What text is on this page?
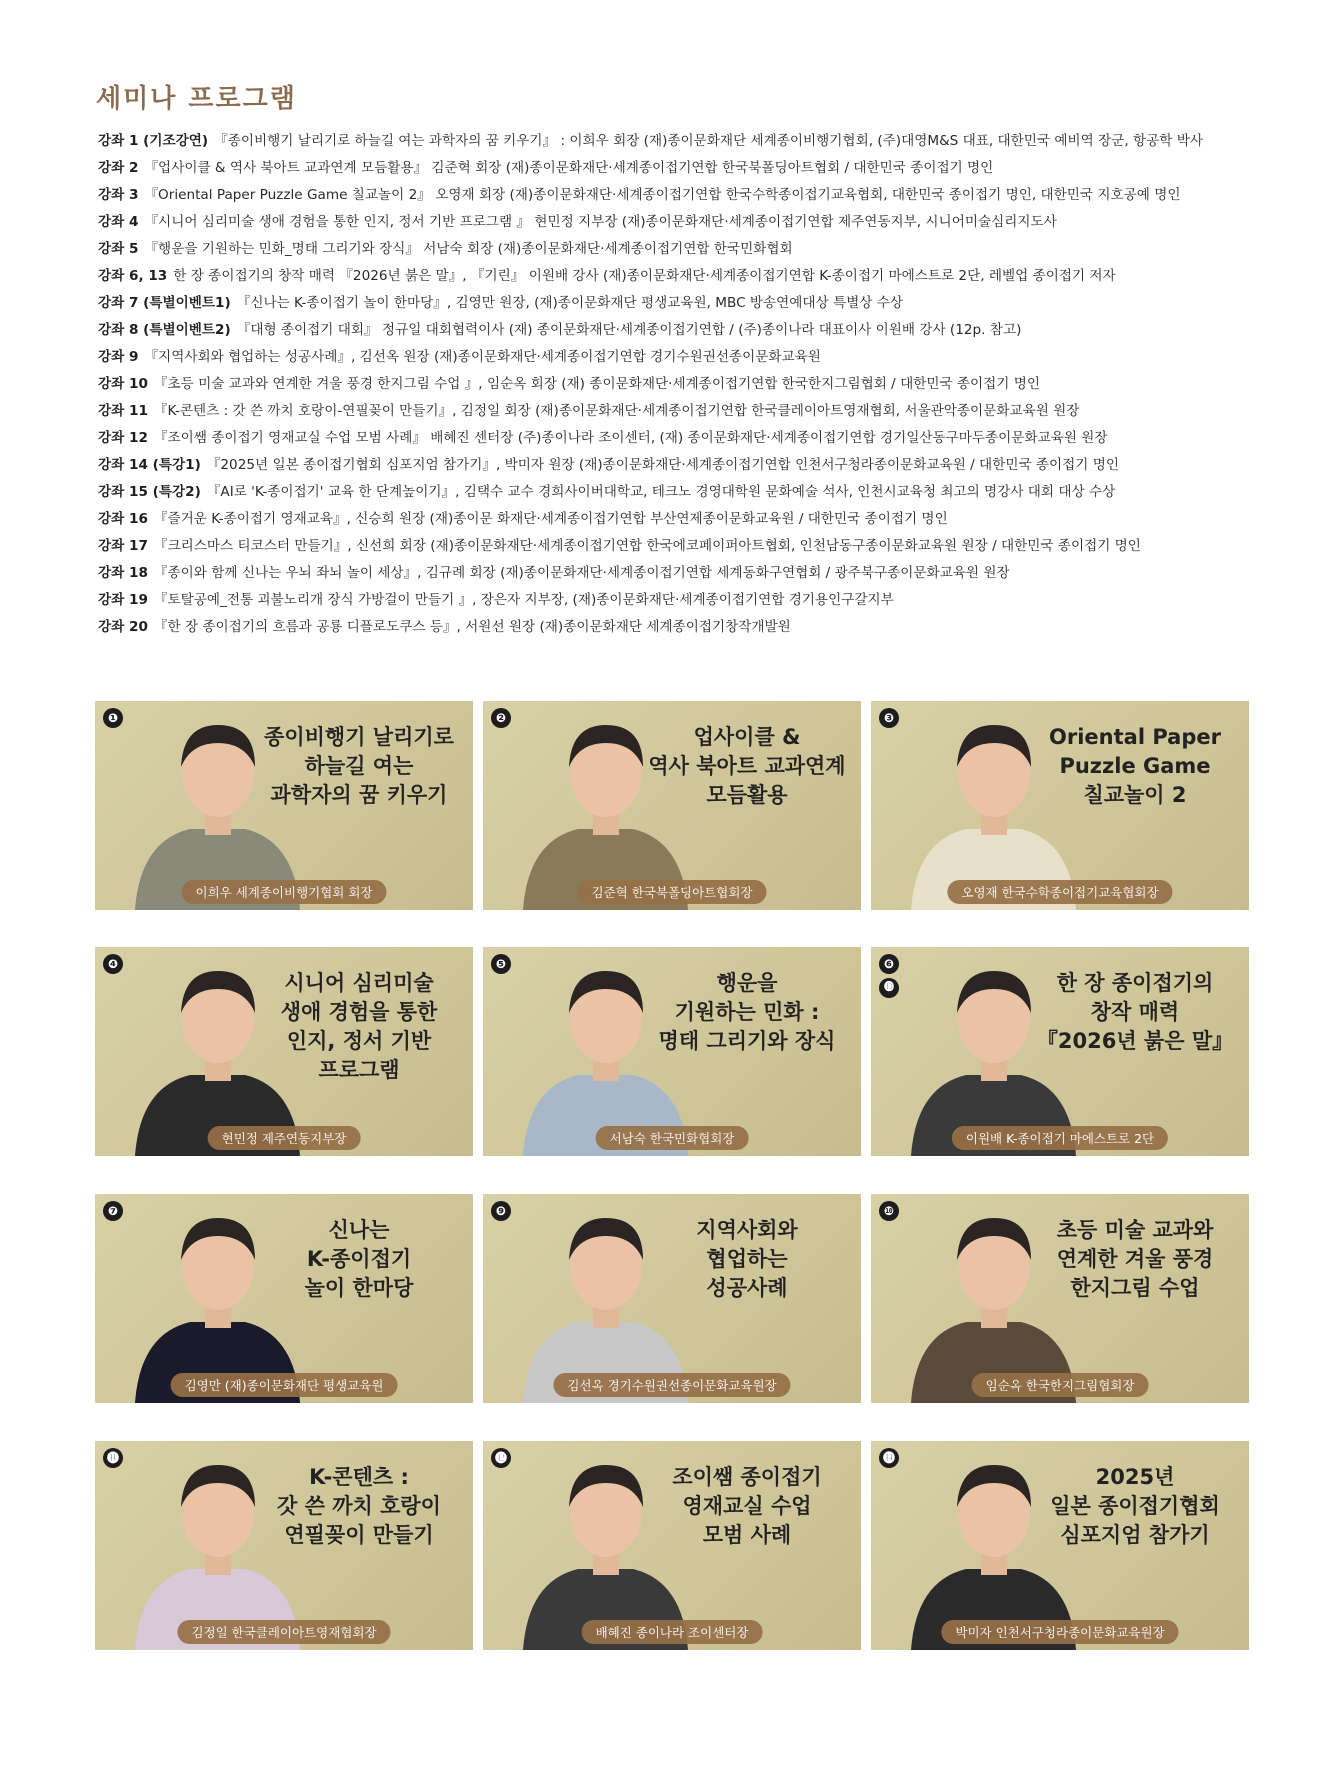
세미나 프로그램
강좌 1 (기조강연) 『종이비행기 날리기로 하늘길 여는 과학자의 꿈 키우기』 : 이희우 회장 (재)종이문화재단 세계종이비행기협회, (주)대영M&S 대표, 대한민국 예비역 장군, 항공학 박사
강좌 2 『업사이클 & 역사 북아트 교과연계 모듬활용』 김준혁 회장 (재)종이문화재단·세계종이접기연합 한국북폴딩아트협회 / 대한민국 종이접기 명인
강좌 3 『Oriental Paper Puzzle Game 칠교놀이 2』 오영재 회장 (재)종이문화재단·세계종이접기연합 한국수학종이접기교육협회, 대한민국 종이접기 명인, 대한민국 지호공예 명인
강좌 4 『시니어 심리미술 생애 경험을 통한 인지, 정서 기반 프로그램 』 현민정 지부장 (재)종이문화재단·세계종이접기연합 제주연동지부, 시니어미술심리지도사
강좌 5 『행운을 기원하는 민화_명태 그리기와 장식』 서남숙 회장 (재)종이문화재단·세계종이접기연합 한국민화협회
강좌 6, 13 한 장 종이접기의 창작 매력 『2026년 붉은 말』, 『기린』 이원배 강사 (재)종이문화재단·세계종이접기연합 K-종이접기 마에스트로 2단, 레벨업 종이접기 저자
강좌 7 (특별이벤트1) 『신나는 K-종이접기 놀이 한마당』, 김영만 원장, (재)종이문화재단 평생교육원, MBC 방송연예대상 특별상 수상
강좌 8 (특별이벤트2) 『대형 종이접기 대회』 정규일 대회협력이사 (재) 종이문화재단·세계종이접기연합 / (주)종이나라 대표이사 이원배 강사 (12p. 참고)
강좌 9 『지역사회와 협업하는 성공사례』, 김선옥 원장 (재)종이문화재단·세계종이접기연합 경기수원권선종이문화교육원
강좌 10 『초등 미술 교과와 연계한 겨울 풍경 한지그림 수업 』, 임순옥 회장 (재) 종이문화재단·세계종이접기연합 한국한지그림협회 / 대한민국 종이접기 명인
강좌 11 『K-콘텐츠 : 갓 쓴 까치 호랑이-연필꽂이 만들기』, 김정일 회장 (재)종이문화재단·세계종이접기연합 한국클레이아트영재협회, 서울관악종이문화교육원 원장
강좌 12 『조이쌤 종이접기 영재교실 수업 모범 사례』 배혜진 센터장 (주)종이나라 조이센터, (재) 종이문화재단·세계종이접기연합 경기일산동구마두종이문화교육원 원장
강좌 14 (특강1) 『2025년 일본 종이접기협회 심포지엄 참가기』, 박미자 원장 (재)종이문화재단·세계종이접기연합 인천서구청라종이문화교육원 / 대한민국 종이접기 명인
강좌 15 (특강2) 『AI로 'K-종이접기' 교육 한 단계높이기』, 김택수 교수 경희사이버대학교, 테크노 경영대학원 문화예술 석사, 인천시교육청 최고의 명강사 대회 대상 수상
강좌 16 『즐거운 K-종이접기 영재교육』, 신승희 원장 (재)종이문 화재단·세계종이접기연합 부산연제종이문화교육원 / 대한민국 종이접기 명인
강좌 17 『크리스마스 티코스터 만들기』, 신선희 회장 (재)종이문화재단·세계종이접기연합 한국에코페이퍼아트협회, 인천남동구종이문화교육원 원장 / 대한민국 종이접기 명인
강좌 18 『종이와 함께 신나는 우뇌 좌뇌 놀이 세상』, 김규례 회장 (재)종이문화재단·세계종이접기연합 세계동화구연협회 / 광주북구종이문화교육원 원장
강좌 19 『토탈공예_전통 괴불노리개 장식 가방걸이 만들기 』, 장은자 지부장, (재)종이문화재단·세계종이접기연합 경기용인구갈지부
강좌 20 『한 장 종이접기의 흐름과 공룡 디플로도쿠스 등』, 서원선 원장 (재)종이문화재단 세계종이접기창작개발원
❶
종이비행기 날리기로
하늘길 여는
과학자의 꿈 키우기
이희우 세계종이비행기협회 회장
❷
업사이클 &
역사 북아트 교과연계
모듬활용
김준혁 한국북폴딩아트협회장
❸
Oriental Paper
Puzzle Game
칠교놀이 2
오영재 한국수학종이접기교육협회장
❹
시니어 심리미술
생애 경험을 통한
인지, 정서 기반
프로그램
현민정 제주연동지부장
❺
행운을
기원하는 민화 :
명태 그리기와 장식
서남숙 한국민화협회장
❻
⓭	한 장 종이접기의
창작 매력
『2026년 붉은 말』
이원배 K-종이접기 마에스트로 2단
❼
신나는
K-종이접기
놀이 한마당
김영만 (재)종이문화재단 평생교육원
❾
지역사회와
협업하는
성공사례
김선옥 경기수원권선종이문화교육원장
❿
초등 미술 교과와
연계한 겨울 풍경
한지그림 수업
임순옥 한국한지그림협회장
⓫
K-콘텐츠 :
갓 쓴 까치 호랑이
연필꽂이 만들기
김정일 한국클레이아트영재협회장
⓬
조이쌤 종이접기
영재교실 수업
모범 사례
배혜진 종이나라 조이센터장
⓮
2025년
일본 종이접기협회
심포지엄 참가기
박미자 인천서구청라종이문화교육원장
